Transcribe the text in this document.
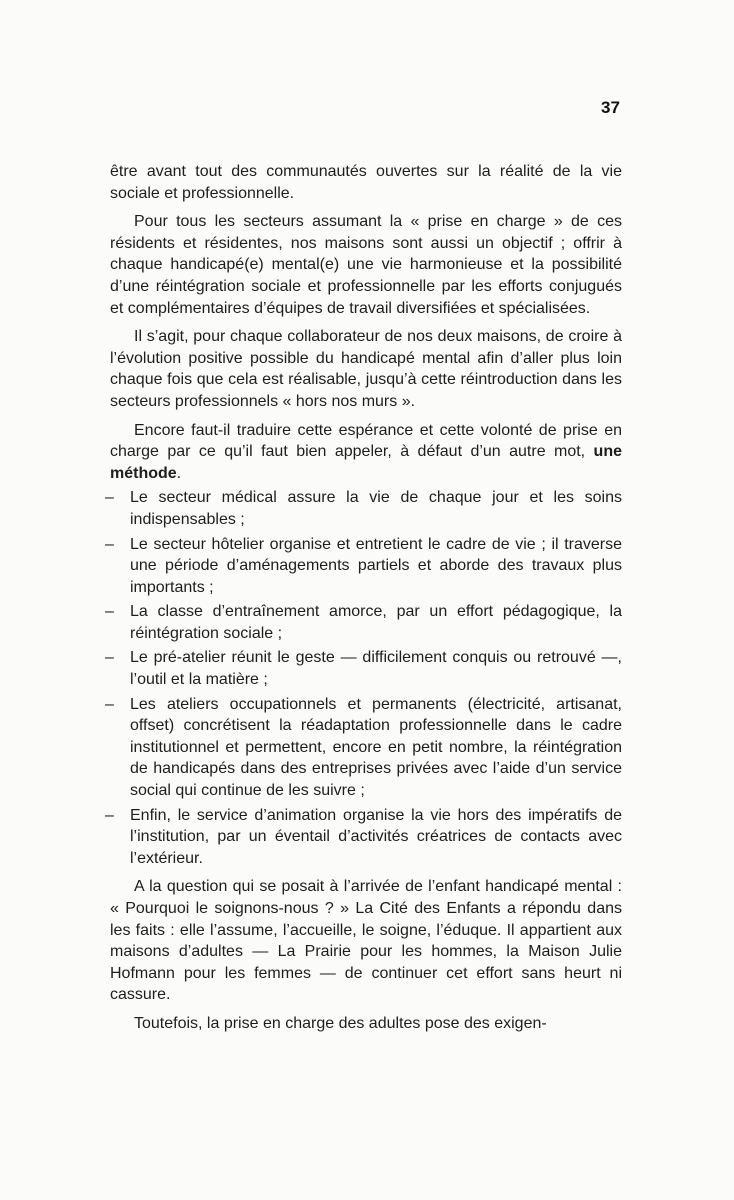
37

être avant tout des communautés ouvertes sur la réalité de la vie sociale et professionnelle.

Pour tous les secteurs assumant la « prise en charge » de ces résidents et résidentes, nos maisons sont aussi un objectif ; offrir à chaque handicapé(e) mental(e) une vie harmonieuse et la possibilité d’une réintégration sociale et professionnelle par les efforts conjugués et complémentaires d’équipes de travail diversifiées et spécialisées.

Il s’agit, pour chaque collaborateur de nos deux maisons, de croire à l’évolution positive possible du handicapé mental afin d’aller plus loin chaque fois que cela est réalisable, jusqu’à cette réintroduction dans les secteurs professionnels « hors nos murs ».

Encore faut-il traduire cette espérance et cette volonté de prise en charge par ce qu’il faut bien appeler, à défaut d’un autre mot, une méthode.

– Le secteur médical assure la vie de chaque jour et les soins indispensables ;
– Le secteur hôtelier organise et entretient le cadre de vie ; il traverse une période d’aménagements partiels et aborde des travaux plus importants ;
– La classe d’entraînement amorce, par un effort pédagogique, la réintégration sociale ;
– Le pré-atelier réunit le geste — difficilement conquis ou retrouvé —, l’outil et la matière ;
– Les ateliers occupationnels et permanents (électricité, artisanat, offset) concrétisent la réadaptation professionnelle dans le cadre institutionnel et permettent, encore en petit nombre, la réintégration de handicapés dans des entreprises privées avec l’aide d’un service social qui continue de les suivre ;
– Enfin, le service d’animation organise la vie hors des impératifs de l’institution, par un éventail d’activités créatrices de contacts avec l’extérieur.

A la question qui se posait à l’arrivée de l’enfant handicapé mental : « Pourquoi le soignons-nous ? » La Cité des Enfants a répondu dans les faits : elle l’assume, l’accueille, le soigne, l’éduque. Il appartient aux maisons d’adultes — La Prairie pour les hommes, la Maison Julie Hofmann pour les femmes — de continuer cet effort sans heurt ni cassure.

Toutefois, la prise en charge des adultes pose des exigen-
